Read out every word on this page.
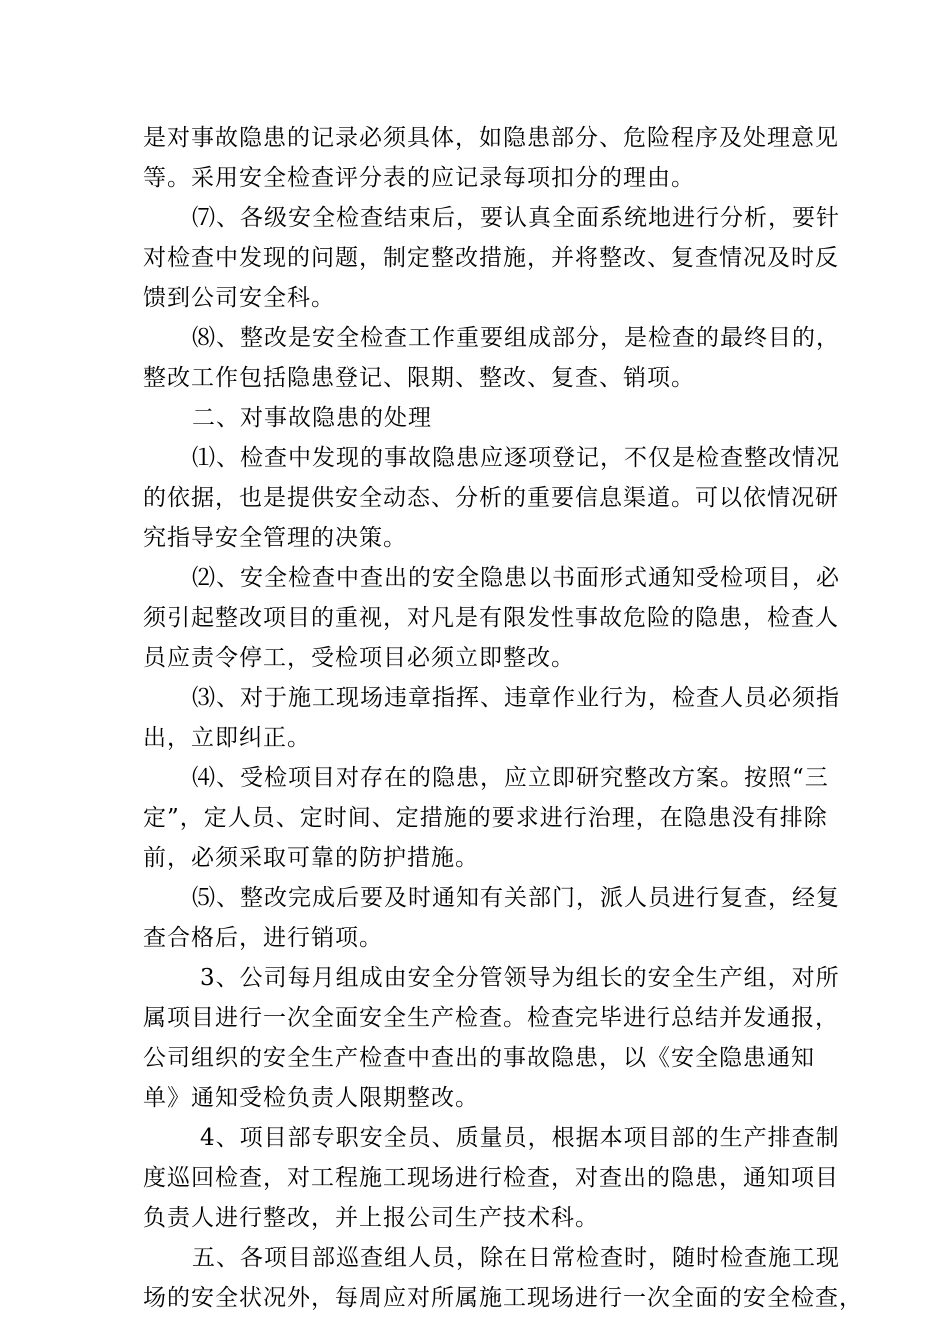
是对事故隐患的记录必须具体，如隐患部分、危险程序及处理意见
等。采用安全检查评分表的应记录每项扣分的理由。
⑺、各级安全检查结束后，要认真全面系统地进行分析，要针
对检查中发现的问题，制定整改措施，并将整改、复查情况及时反
馈到公司安全科。
⑻、整改是安全检查工作重要组成部分，是检查的最终目的，
整改工作包括隐患登记、限期、整改、复查、销项。
二、对事故隐患的处理
⑴、检查中发现的事故隐患应逐项登记，不仅是检查整改情况
的依据，也是提供安全动态、分析的重要信息渠道。可以依情况研
究指导安全管理的决策。
⑵、安全检查中查出的安全隐患以书面形式通知受检项目，必
须引起整改项目的重视，对凡是有限发性事故危险的隐患，检查人
员应责令停工，受检项目必须立即整改。
⑶、对于施工现场违章指挥、违章作业行为，检查人员必须指
出，立即纠正。
⑷、受检项目对存在的隐患，应立即研究整改方案。按照“三
定”，定人员、定时间、定措施的要求进行治理，在隐患没有排除
前，必须采取可靠的防护措施。
⑸、整改完成后要及时通知有关部门，派人员进行复查，经复
查合格后，进行销项。
3、公司每月组成由安全分管领导为组长的安全生产组，对所
属项目进行一次全面安全生产检查。检查完毕进行总结并发通报，
公司组织的安全生产检查中查出的事故隐患，以《安全隐患通知
单》通知受检负责人限期整改。
4、项目部专职安全员、质量员，根据本项目部的生产排查制
度巡回检查，对工程施工现场进行检查，对查出的隐患，通知项目
负责人进行整改，并上报公司生产技术科。
五、各项目部巡查组人员，除在日常检查时，随时检查施工现
场的安全状况外，每周应对所属施工现场进行一次全面的安全检查，
